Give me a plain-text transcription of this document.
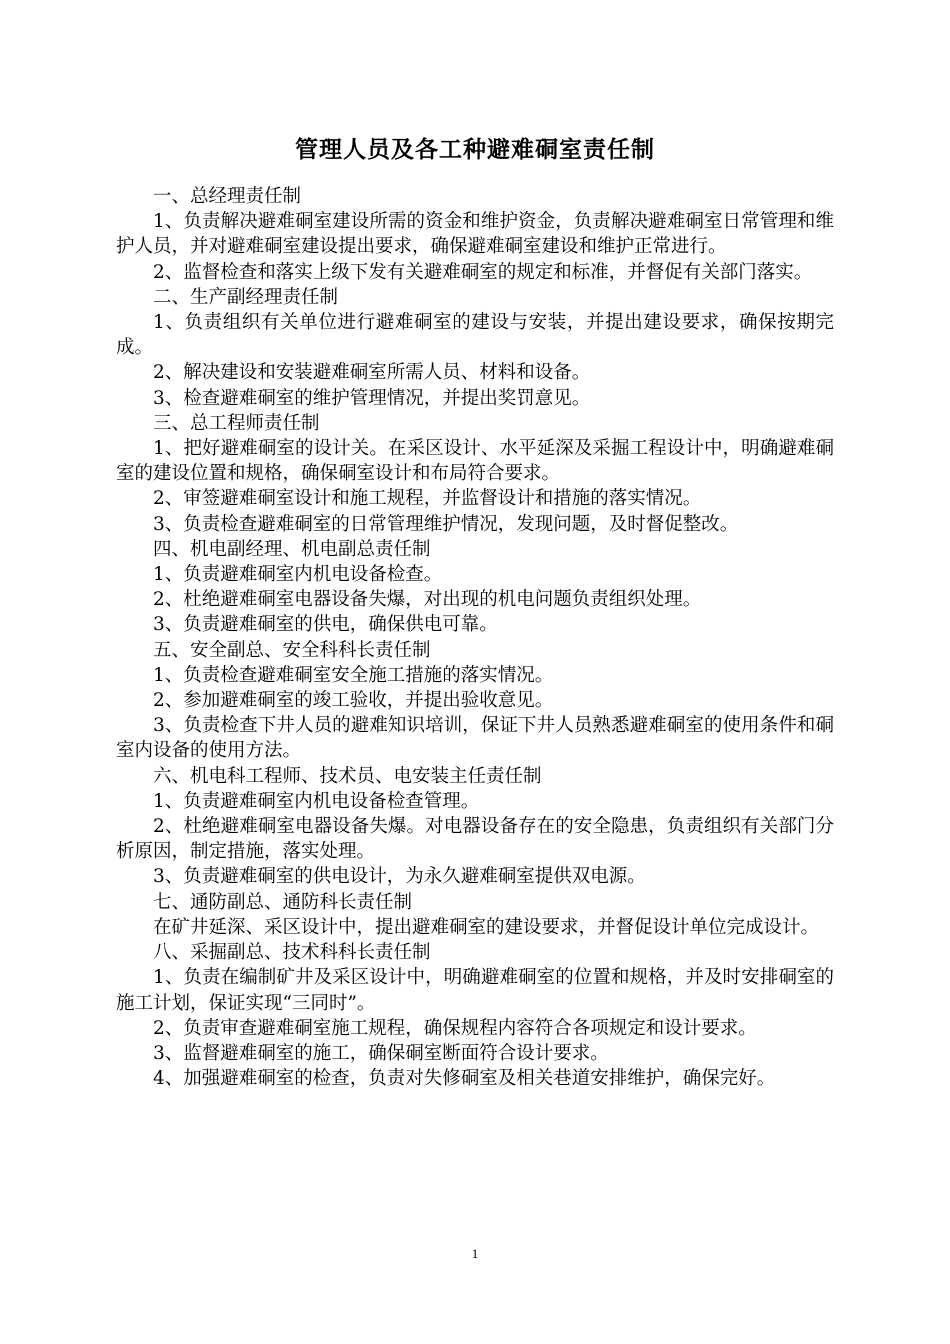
管理人员及各工种避难硐室责任制

一、总经理责任制

1、负责解决避难硐室建设所需的资金和维护资金，负责解决避难硐室日常管理和维护人员，并对避难硐室建设提出要求，确保避难硐室建设和维护正常进行。

2、监督检查和落实上级下发有关避难硐室的规定和标准，并督促有关部门落实。

二、生产副经理责任制

1、负责组织有关单位进行避难硐室的建设与安装，并提出建设要求，确保按期完成。

2、解决建设和安装避难硐室所需人员、材料和设备。

3、检查避难硐室的维护管理情况，并提出奖罚意见。

三、总工程师责任制

1、把好避难硐室的设计关。在采区设计、水平延深及采掘工程设计中，明确避难硐室的建设位置和规格，确保硐室设计和布局符合要求。

2、审签避难硐室设计和施工规程，并监督设计和措施的落实情况。

3、负责检查避难硐室的日常管理维护情况，发现问题，及时督促整改。

四、机电副经理、机电副总责任制

1、负责避难硐室内机电设备检查。

2、杜绝避难硐室电器设备失爆，对出现的机电问题负责组织处理。

3、负责避难硐室的供电，确保供电可靠。

五、安全副总、安全科科长责任制

1、负责检查避难硐室安全施工措施的落实情况。

2、参加避难硐室的竣工验收，并提出验收意见。

3、负责检查下井人员的避难知识培训，保证下井人员熟悉避难硐室的使用条件和硐室内设备的使用方法。

六、机电科工程师、技术员、电安装主任责任制

1、负责避难硐室内机电设备检查管理。

2、杜绝避难硐室电器设备失爆。对电器设备存在的安全隐患，负责组织有关部门分析原因，制定措施，落实处理。

3、负责避难硐室的供电设计，为永久避难硐室提供双电源。

七、通防副总、通防科长责任制

在矿井延深、采区设计中，提出避难硐室的建设要求，并督促设计单位完成设计。

八、采掘副总、技术科科长责任制

1、负责在编制矿井及采区设计中，明确避难硐室的位置和规格，并及时安排硐室的施工计划，保证实现“三同时”。

2、负责审查避难硐室施工规程，确保规程内容符合各项规定和设计要求。

3、监督避难硐室的施工，确保硐室断面符合设计要求。

4、加强避难硐室的检查，负责对失修硐室及相关巷道安排维护，确保完好。

1
